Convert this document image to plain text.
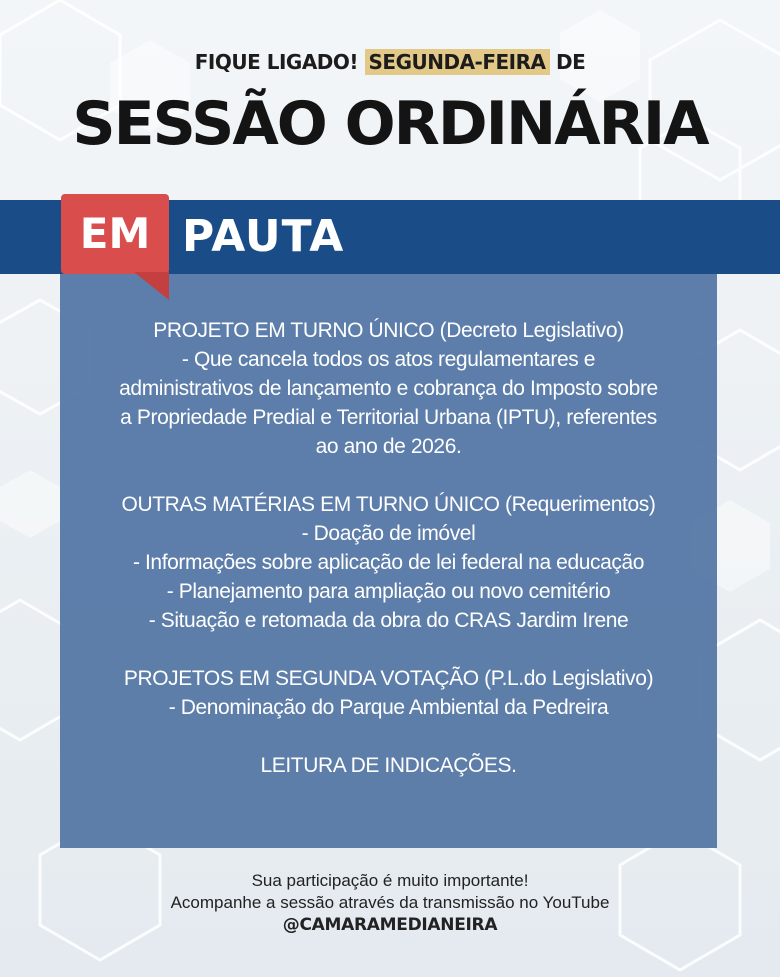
FIQUE LIGADO! SEGUNDA-FEIRA DE
SESSÃO ORDINÁRIA
EM PAUTA
PROJETO EM TURNO ÚNICO (Decreto Legislativo)
- Que cancela todos os atos regulamentares e
administrativos de lançamento e cobrança do Imposto sobre
a Propriedade Predial e Territorial Urbana (IPTU), referentes
ao ano de 2026.
OUTRAS MATÉRIAS EM TURNO ÚNICO (Requerimentos)
- Doação de imóvel
- Informações sobre aplicação de lei federal na educação
- Planejamento para ampliação ou novo cemitério
- Situação e retomada da obra do CRAS Jardim Irene
PROJETOS EM SEGUNDA VOTAÇÃO (P.L.do Legislativo)
- Denominação do Parque Ambiental da Pedreira
LEITURA DE INDICAÇÕES.
Sua participação é muito importante!
Acompanhe a sessão através da transmissão no YouTube
@CAMARAMEDIANEIRA
